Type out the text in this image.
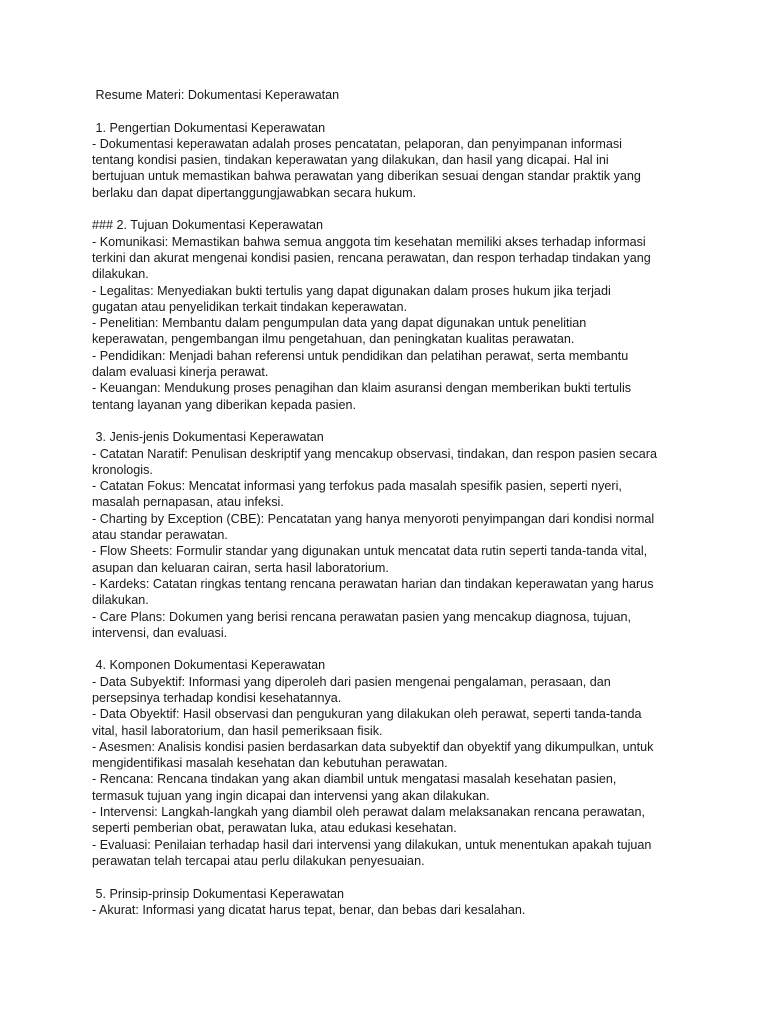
Resume Materi: Dokumentasi Keperawatan
1. Pengertian Dokumentasi Keperawatan
- Dokumentasi keperawatan adalah proses pencatatan, pelaporan, dan penyimpanan informasi
tentang kondisi pasien, tindakan keperawatan yang dilakukan, dan hasil yang dicapai. Hal ini
bertujuan untuk memastikan bahwa perawatan yang diberikan sesuai dengan standar praktik yang
berlaku dan dapat dipertanggungjawabkan secara hukum.
### 2. Tujuan Dokumentasi Keperawatan
- Komunikasi: Memastikan bahwa semua anggota tim kesehatan memiliki akses terhadap informasi
terkini dan akurat mengenai kondisi pasien, rencana perawatan, dan respon terhadap tindakan yang
dilakukan.
- Legalitas: Menyediakan bukti tertulis yang dapat digunakan dalam proses hukum jika terjadi
gugatan atau penyelidikan terkait tindakan keperawatan.
- Penelitian: Membantu dalam pengumpulan data yang dapat digunakan untuk penelitian
keperawatan, pengembangan ilmu pengetahuan, dan peningkatan kualitas perawatan.
- Pendidikan: Menjadi bahan referensi untuk pendidikan dan pelatihan perawat, serta membantu
dalam evaluasi kinerja perawat.
- Keuangan: Mendukung proses penagihan dan klaim asuransi dengan memberikan bukti tertulis
tentang layanan yang diberikan kepada pasien.
3. Jenis-jenis Dokumentasi Keperawatan
- Catatan Naratif: Penulisan deskriptif yang mencakup observasi, tindakan, dan respon pasien secara
kronologis.
- Catatan Fokus: Mencatat informasi yang terfokus pada masalah spesifik pasien, seperti nyeri,
masalah pernapasan, atau infeksi.
- Charting by Exception (CBE): Pencatatan yang hanya menyoroti penyimpangan dari kondisi normal
atau standar perawatan.
- Flow Sheets: Formulir standar yang digunakan untuk mencatat data rutin seperti tanda-tanda vital,
asupan dan keluaran cairan, serta hasil laboratorium.
- Kardeks: Catatan ringkas tentang rencana perawatan harian dan tindakan keperawatan yang harus
dilakukan.
- Care Plans: Dokumen yang berisi rencana perawatan pasien yang mencakup diagnosa, tujuan,
intervensi, dan evaluasi.
4. Komponen Dokumentasi Keperawatan
- Data Subyektif: Informasi yang diperoleh dari pasien mengenai pengalaman, perasaan, dan
persepsinya terhadap kondisi kesehatannya.
- Data Obyektif: Hasil observasi dan pengukuran yang dilakukan oleh perawat, seperti tanda-tanda
vital, hasil laboratorium, dan hasil pemeriksaan fisik.
- Asesmen: Analisis kondisi pasien berdasarkan data subyektif dan obyektif yang dikumpulkan, untuk
mengidentifikasi masalah kesehatan dan kebutuhan perawatan.
- Rencana: Rencana tindakan yang akan diambil untuk mengatasi masalah kesehatan pasien,
termasuk tujuan yang ingin dicapai dan intervensi yang akan dilakukan.
- Intervensi: Langkah-langkah yang diambil oleh perawat dalam melaksanakan rencana perawatan,
seperti pemberian obat, perawatan luka, atau edukasi kesehatan.
- Evaluasi: Penilaian terhadap hasil dari intervensi yang dilakukan, untuk menentukan apakah tujuan
perawatan telah tercapai atau perlu dilakukan penyesuaian.
5. Prinsip-prinsip Dokumentasi Keperawatan
- Akurat: Informasi yang dicatat harus tepat, benar, dan bebas dari kesalahan.
